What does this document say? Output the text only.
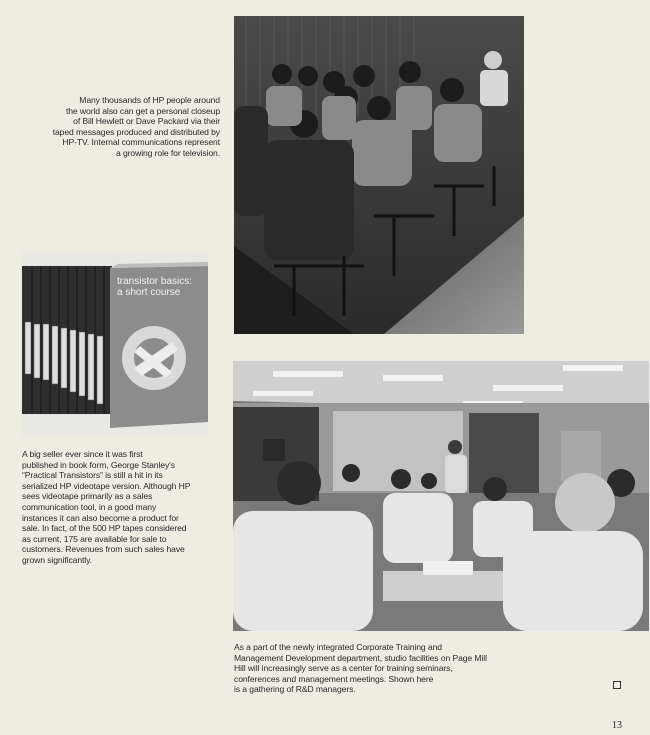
transistor basics:
a short course
Many thousands of HP people around
the world also can get a personal closeup
of Bill Hewlett or Dave Packard via their
taped messages produced and distributed by
HP-TV. Internal communications represent
a growing role for television.
A big seller ever since it was first
published in book form, George Stanley's
“Practical Transistors” is still a hit in its
serialized HP videotape version. Although HP
sees videotape primarily as a sales
communication tool, in a good many
instances it can also become a product for
sale. In fact, of the 500 HP tapes considered
as current, 175 are available for sale to
customers. Revenues from such sales have
grown significantly.
As a part of the newly integrated Corporate Training and
Management Development department, studio facilities on Page Mill
Hill will increasingly serve as a center for training seminars,
conferences and management meetings. Shown here
is a gathering of R&D managers.
13
